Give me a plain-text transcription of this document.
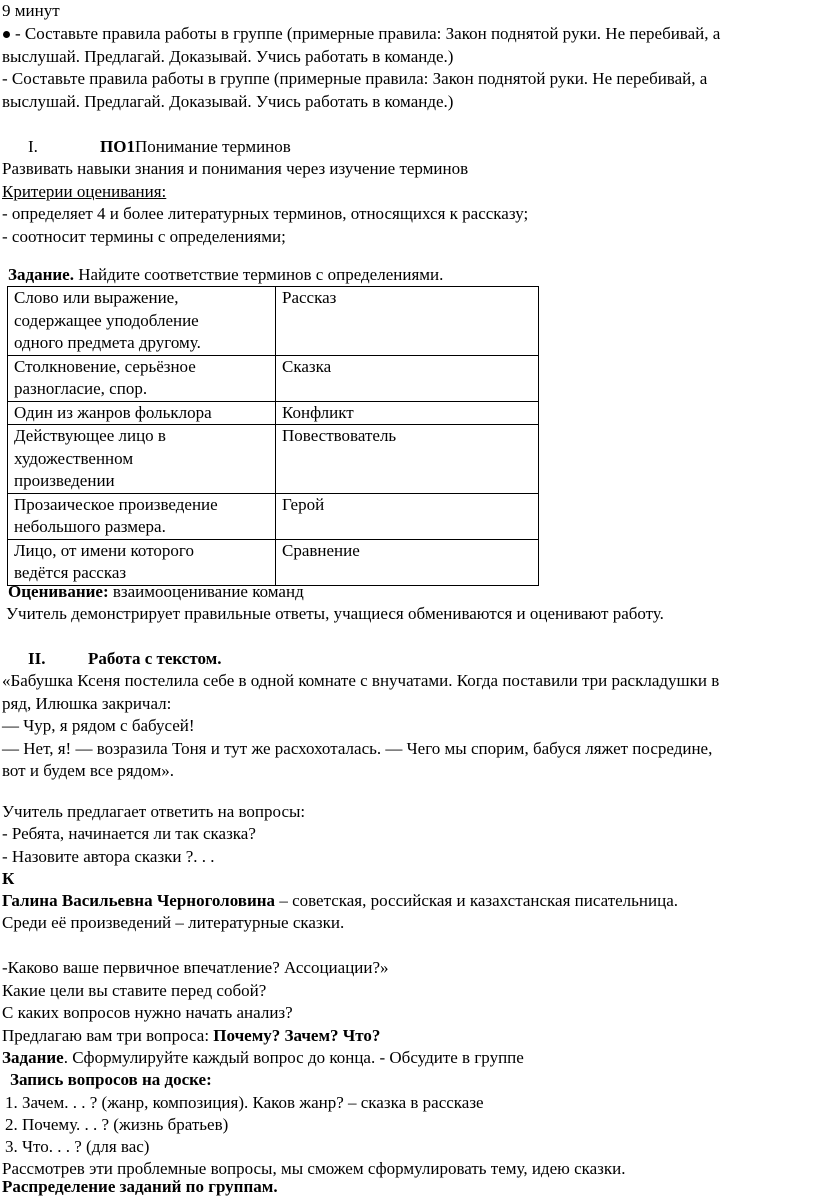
9 минут
- Составьте правила работы в группе (примерные правила: Закон поднятой руки. Не перебивай, а
выслушай. Предлагай. Доказывай. Учись работать в команде.)
- Составьте правила работы в группе (примерные правила: Закон поднятой руки. Не перебивай, а
выслушай. Предлагай. Доказывай. Учись работать в команде.)
I.	ПО1Понимание терминов
Развивать навыки знания и понимания через изучение терминов
Критерии оценивания:
- определяет 4 и более литературных терминов, относящихся к рассказу;
- соотносит термины с определениями;
Задание. Найдите соответствие терминов с определениями.
Слово или выражение,
содержащее уподобление
одного предмета другому.	Рассказ

Столкновение, серьёзное
разногласие, спор.	Сказка

Один из жанров фольклора	Конфликт

Действующее лицо в
художественном
произведении	Повествователь

Прозаическое произведение
небольшого размера.	Герой

Лицо, от имени которого
ведётся рассказ	Сравнение
Оценивание: взаимооценивание команд
Учитель демонстрирует правильные ответы, учащиеся обмениваются и оценивают работу.
II.	Работа с текстом.
«Бабушка Ксеня постелила себе в одной комнате с внучатами. Когда поставили три раскладушки в
ряд, Илюшка закричал:
— Чур, я рядом с бабусей!
— Нет, я! — возразила Тоня и тут же расхохоталась. — Чего мы спорим, бабуся ляжет посредине,
вот и будем все рядом».
Учитель предлагает ответить на вопросы:
- Ребята, начинается ли так сказка?
- Назовите автора сказки ?. . .
К
Галина Васильевна Черноголовина – советская, российская и казахстанская писательница.
Среди её произведений – литературные сказки.
-Каково ваше первичное впечатление? Ассоциации?»
Какие цели вы ставите перед собой?
С каких вопросов нужно начать анализ?
Предлагаю вам три вопроса: Почему? Зачем? Что?
Задание. Сформулируйте каждый вопрос до конца. - Обсудите в группе
Запись вопросов на доске:
1. Зачем. . . ? (жанр, композиция). Каков жанр? – сказка в рассказе
2. Почему. . . ? (жизнь братьев)
3. Что. . . ? (для вас)
Рассмотрев эти проблемные вопросы, мы сможем сформулировать тему, идею сказки.
Распределение заданий по группам.
